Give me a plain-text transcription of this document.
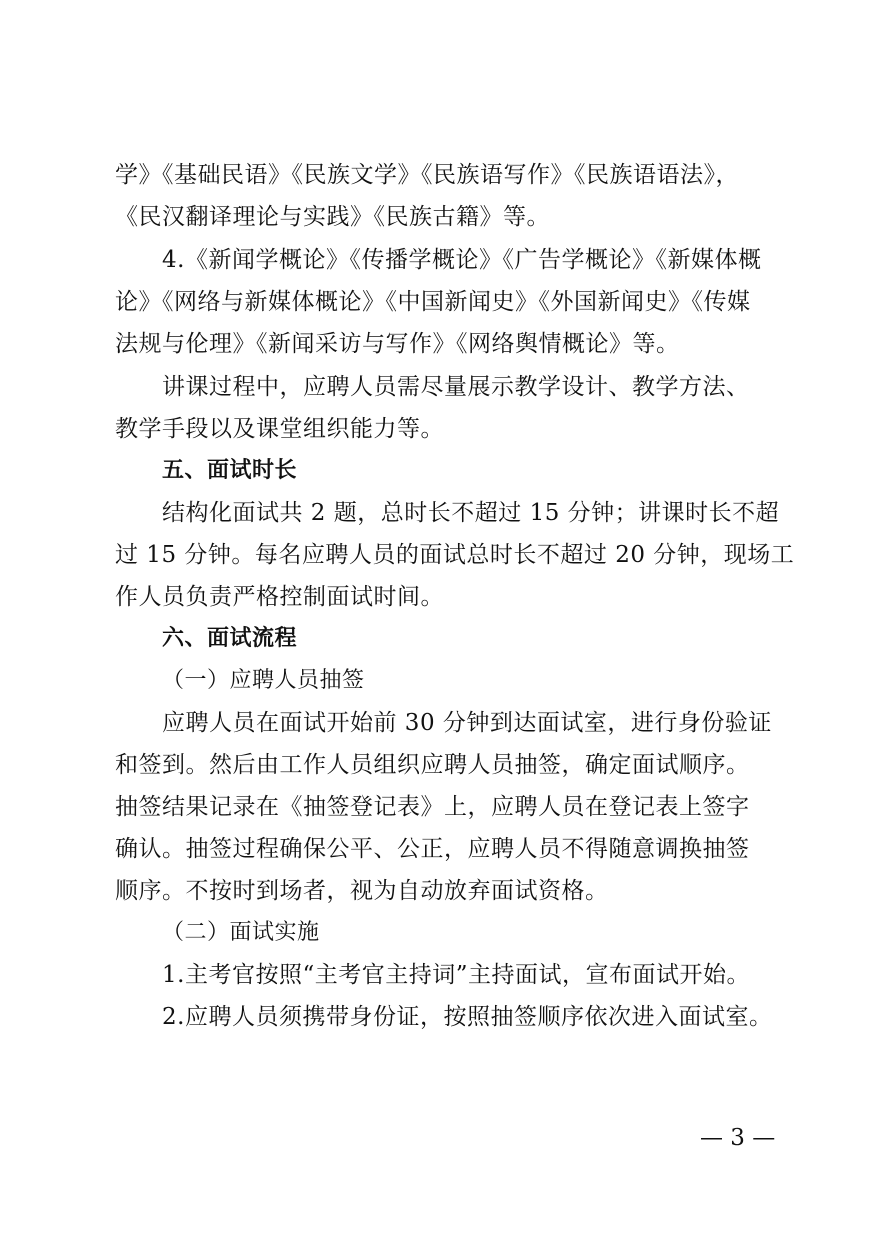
学》《基础民语》《民族文学》《民族语写作》《民族语语法》，
《民汉翻译理论与实践》《民族古籍》等。
4.《新闻学概论》《传播学概论》《广告学概论》《新媒体概
论》《网络与新媒体概论》《中国新闻史》《外国新闻史》《传媒
法规与伦理》《新闻采访与写作》《网络舆情概论》等。
讲课过程中，应聘人员需尽量展示教学设计、教学方法、
教学手段以及课堂组织能力等。
五、面试时长
结构化面试共 2 题，总时长不超过 15 分钟；讲课时长不超
过 15 分钟。每名应聘人员的面试总时长不超过 20 分钟，现场工
作人员负责严格控制面试时间。
六、面试流程
（一）应聘人员抽签
应聘人员在面试开始前 30 分钟到达面试室，进行身份验证
和签到。然后由工作人员组织应聘人员抽签，确定面试顺序。
抽签结果记录在《抽签登记表》上，应聘人员在登记表上签字
确认。抽签过程确保公平、公正，应聘人员不得随意调换抽签
顺序。不按时到场者，视为自动放弃面试资格。
（二）面试实施
1.主考官按照“主考官主持词”主持面试，宣布面试开始。
2.应聘人员须携带身份证，按照抽签顺序依次进入面试室。
— 3 —
